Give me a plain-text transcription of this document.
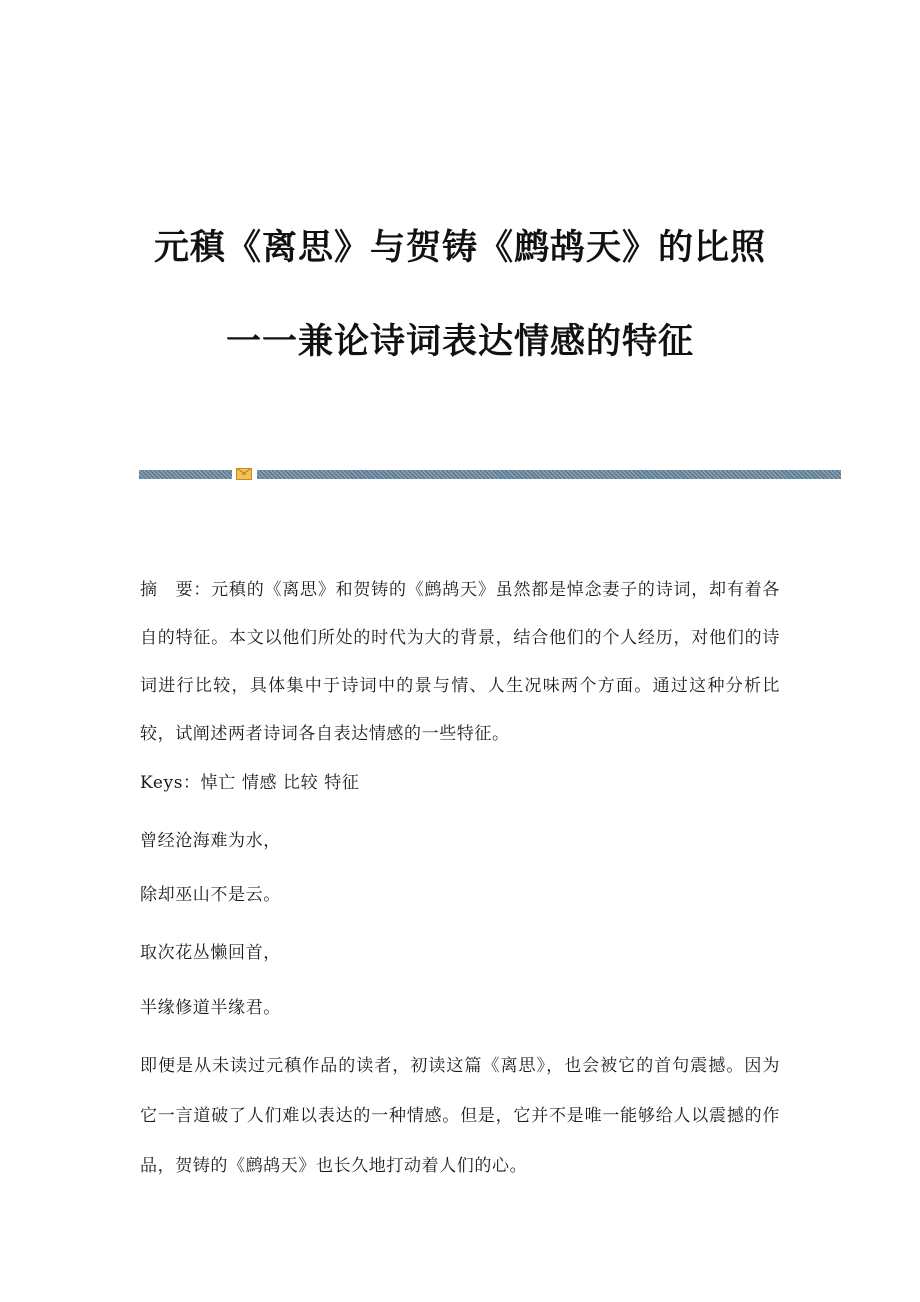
元稹《离思》与贺铸《鹧鸪天》的比照
一一兼论诗词表达情感的特征
摘　要：元稹的《离思》和贺铸的《鹧鸪天》虽然都是悼念妻子的诗词，却有着各自的特征。本文以他们所处的时代为大的背景，结合他们的个人经历，对他们的诗词进行比较，具体集中于诗词中的景与情、人生况味两个方面。通过这种分析比较，试阐述两者诗词各自表达情感的一些特征。
Keys：悼亡 情感 比较 特征
曾经沧海难为水，
除却巫山不是云。
取次花丛懒回首，
半缘修道半缘君。
即便是从未读过元稹作品的读者，初读这篇《离思》，也会被它的首句震撼。因为它一言道破了人们难以表达的一种情感。但是，它并不是唯一能够给人以震撼的作品，贺铸的《鹧鸪天》也长久地打动着人们的心。
